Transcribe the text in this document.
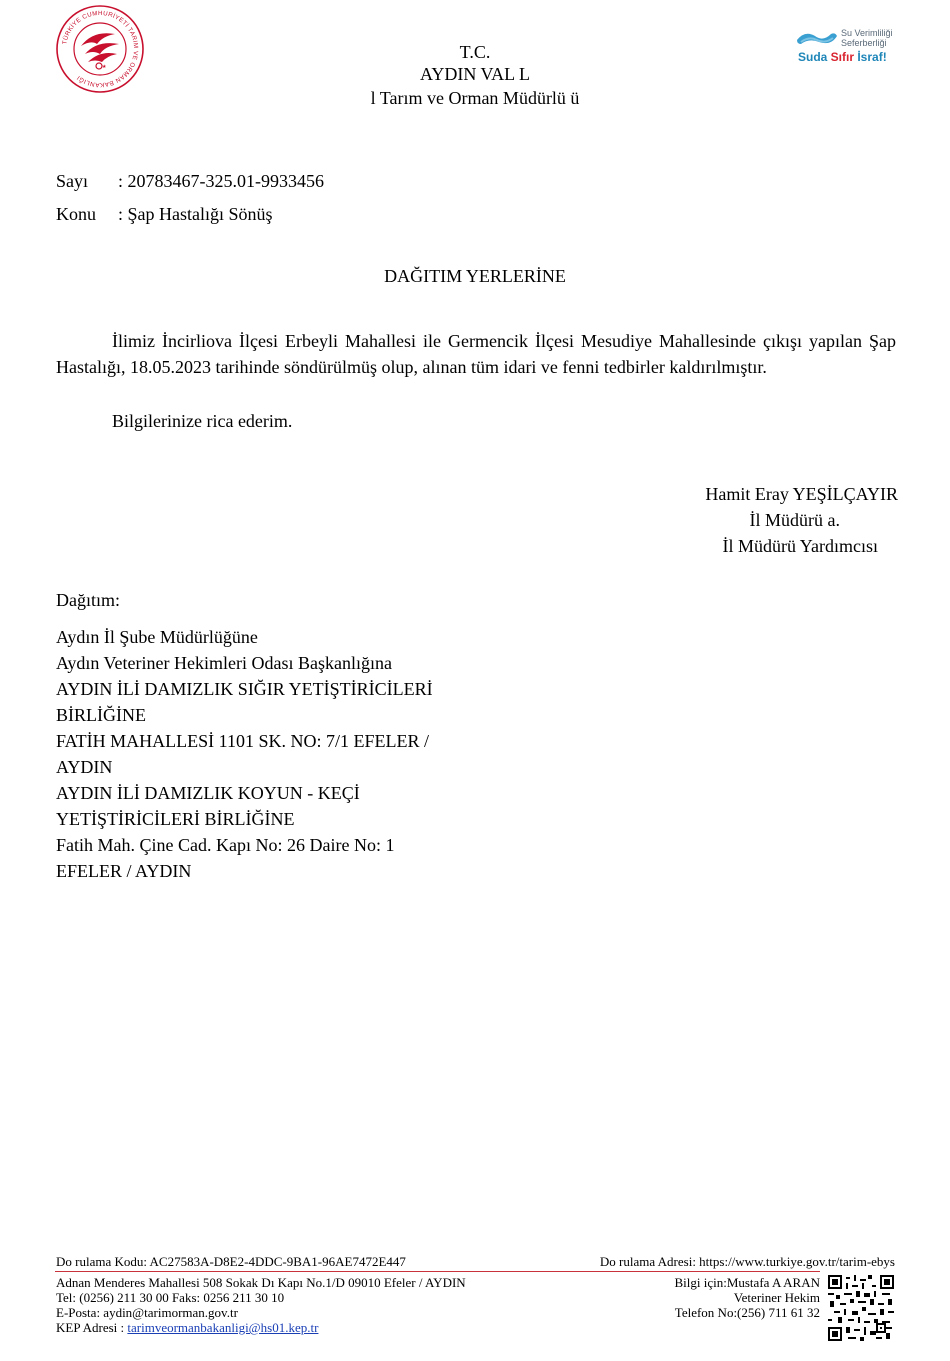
TÜRKİYE CUMHURİYETİ TARIM VE ORMAN BAKANLIĞI
★
T.C.
AYDIN VAL L
l Tarım ve Orman Müdürlü ü
Su Verimliliği
Seferberliği
Suda Sıfır İsraf!
Sayı : 20783467-325.01-9933456
Konu : Şap Hastalığı Sönüş
DAĞITIM YERLERİNE
İlimiz İncirliova İlçesi Erbeyli Mahallesi ile Germencik İlçesi Mesudiye Mahallesinde çıkışı yapılan Şap Hastalığı, 18.05.2023 tarihinde söndürülmüş olup, alınan tüm idari ve fenni tedbirler kaldırılmıştır.
Bilgilerinize rica ederim.
Hamit Eray YEŞİLÇAYIR
İl Müdürü a.
İl Müdürü Yardımcısı
Dağıtım:
Aydın İl Şube Müdürlüğüne
Aydın Veteriner Hekimleri Odası Başkanlığına
AYDIN İLİ DAMIZLIK SIĞIR YETİŞTİRİCİLERİ
BİRLİĞİNE
FATİH MAHALLESİ 1101 SK. NO: 7/1 EFELER /
AYDIN
AYDIN İLİ DAMIZLIK KOYUN - KEÇİ
YETİŞTİRİCİLERİ BİRLİĞİNE
Fatih Mah. Çine Cad. Kapı No: 26 Daire No: 1
EFELER / AYDIN
Do rulama Kodu: AC27583A-D8E2-4DDC-9BA1-96AE7472E447	Do rulama Adresi: https://www.turkiye.gov.tr/tarim-ebys
Adnan Menderes Mahallesi 508 Sokak Dı Kapı No.1/D 09010 Efeler / AYDIN
Tel: (0256) 211 30 00 Faks: 0256 211 30 10
E-Posta: aydin@tarimorman.gov.tr
KEP Adresi : tarimveormanbakanligi@hs01.kep.tr
Bilgi için:Mustafa A ARAN
Veteriner Hekim
Telefon No:(256) 711 61 32
